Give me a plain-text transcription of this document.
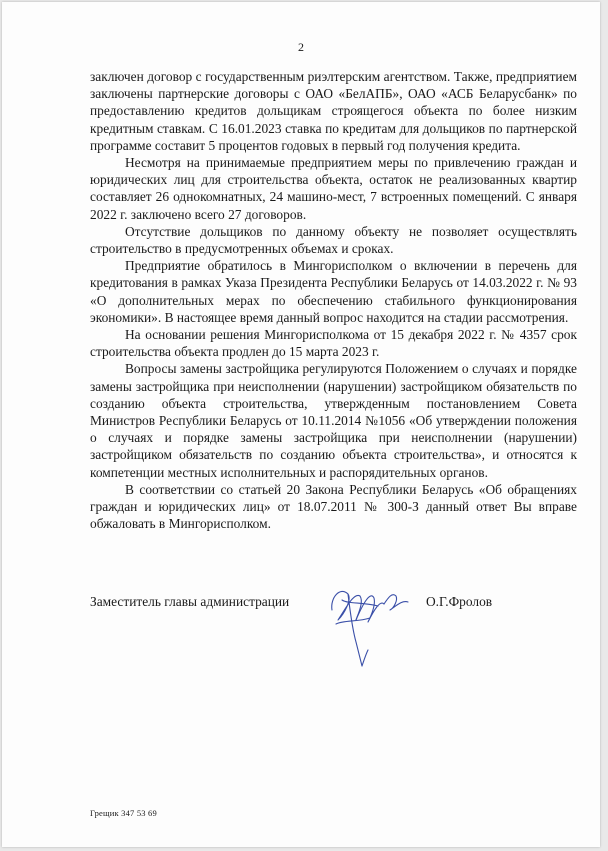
2

заключен договор с государственным риэлтерским агентством. Также, предприятием заключены партнерские договоры с ОАО «БелАПБ», ОАО «АСБ Беларусбанк» по предоставлению кредитов дольщикам строящегося объекта по более низким кредитным ставкам. С 16.01.2023 ставка по кредитам для дольщиков по партнерской программе составит 5 процентов годовых в первый год получения кредита.

Несмотря на принимаемые предприятием меры по привлечению граждан и юридических лиц для строительства объекта, остаток не реализованных квартир составляет 26 однокомнатных, 24 машино-мест, 7 встроенных помещений. С января 2022 г. заключено всего 27 договоров.

Отсутствие дольщиков по данному объекту не позволяет осуществлять строительство в предусмотренных объемах и сроках.

Предприятие обратилось в Мингорисполком о включении в перечень для кредитования в рамках Указа Президента Республики Беларусь от 14.03.2022 г. № 93 «О дополнительных мерах по обеспечению стабильного функционирования экономики». В настоящее время данный вопрос находится на стадии рассмотрения.

На основании решения Мингорисполкома от 15 декабря 2022 г. № 4357 срок строительства объекта продлен до 15 марта 2023 г.

Вопросы замены застройщика регулируются Положением о случаях и порядке замены застройщика при неисполнении (нарушении) застройщиком обязательств по созданию объекта строительства, утвержденным постановлением Совета Министров Республики Беларусь от 10.11.2014 №1056 «Об утверждении положения о случаях и порядке замены застройщика при неисполнении (нарушении) застройщиком обязательств по созданию объекта строительства», и относятся к компетенции местных исполнительных и распорядительных органов.

В соответствии со статьей 20 Закона Республики Беларусь «Об обращениях граждан и юридических лиц» от 18.07.2011 № 300-З данный ответ Вы вправе обжаловать в Мингорисполком.

Заместитель главы администрации	О.Г.Фролов
Грещик 347 53 69
